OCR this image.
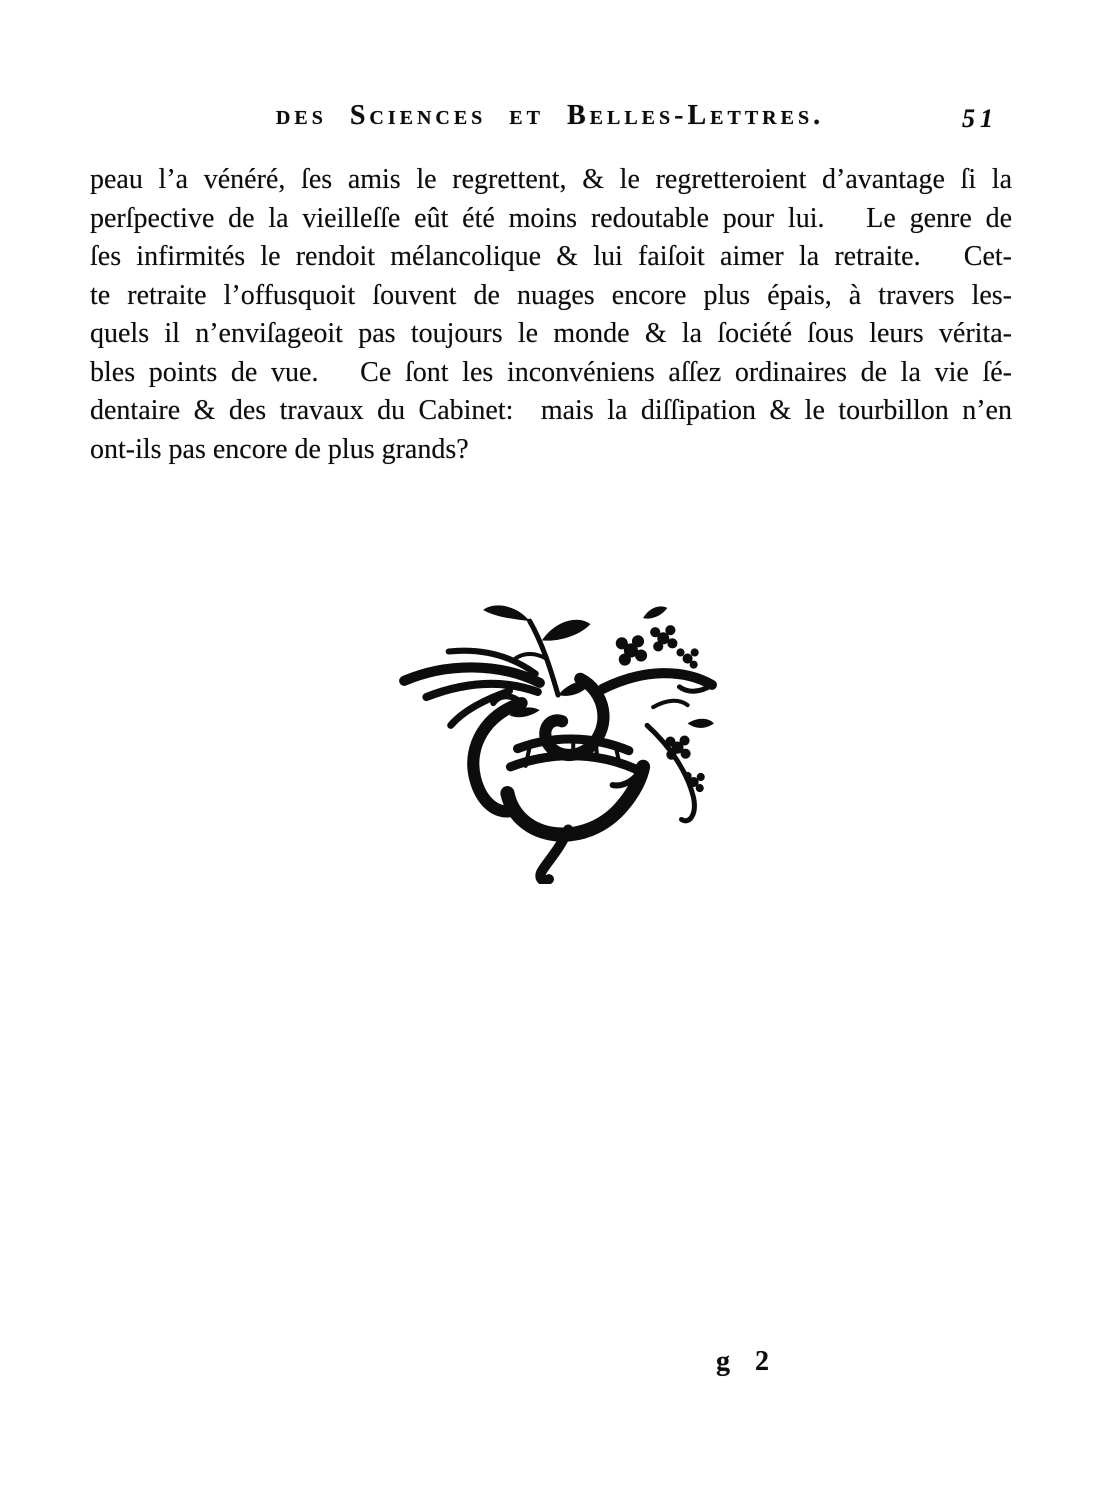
des Sciences et Belles-Lettres.	51
peau l’a vénéré, ſes amis le regrettent, & le regretteroient d’avantage ſi la
perſpective de la vieilleſſe eût été moins redoutable pour lui.  Le genre de
ſes infirmités le rendoit mélancolique & lui faiſoit aimer la retraite.  Cet-
te retraite l’offusquoit ſouvent de nuages encore plus épais, à travers les-
quels il n’enviſageoit pas toujours le monde & la ſociété ſous leurs vérita-
bles points de vue.  Ce ſont les inconvéniens aſſez ordinaires de la vie ſé-
dentaire & des travaux du Cabinet:  mais la diſſipation & le tourbillon n’en
ont-ils pas encore de plus grands?
g 2
